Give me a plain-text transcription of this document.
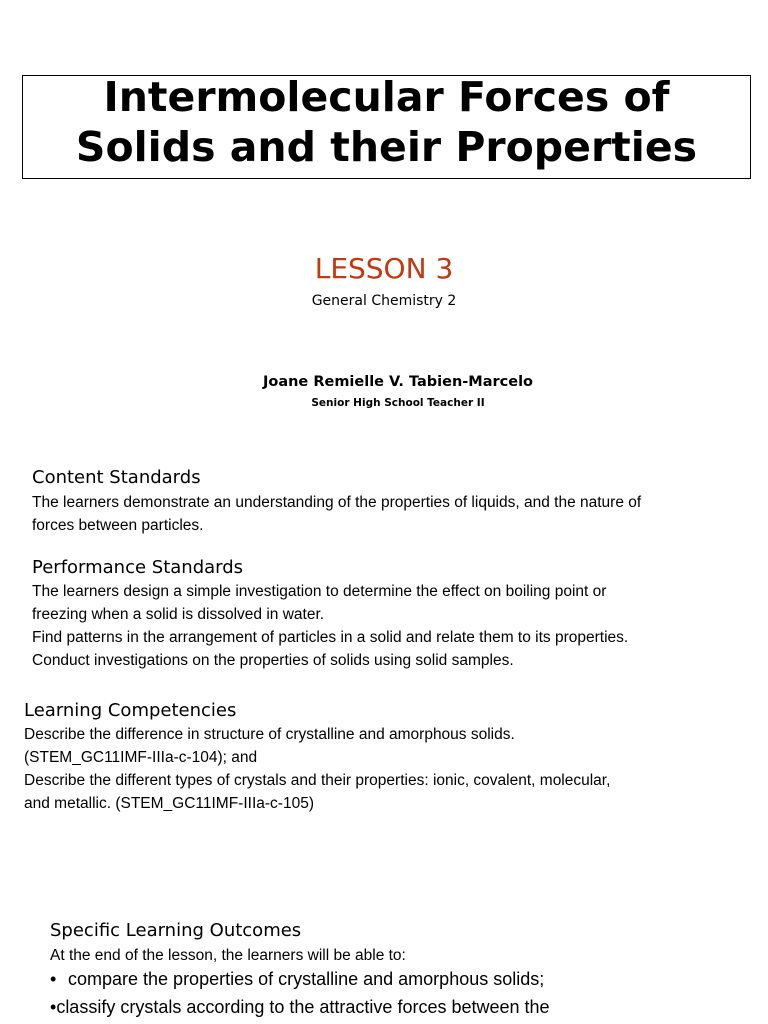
Intermolecular Forces of
Solids and their Properties
LESSON 3
General Chemistry 2
Joane Remielle V. Tabien-Marcelo
Senior High School Teacher II
Content Standards
The learners demonstrate an understanding of the properties of liquids, and the nature of
forces between particles.
Performance Standards
The learners design a simple investigation to determine the effect on boiling point or
freezing when a solid is dissolved in water.
Find patterns in the arrangement of particles in a solid and relate them to its properties.
Conduct investigations on the properties of solids using solid samples.
Learning Competencies
Describe the difference in structure of crystalline and amorphous solids.
(STEM_GC11IMF-IIIa-c-104); and
Describe the different types of crystals and their properties: ionic, covalent, molecular,
and metallic. (STEM_GC11IMF-IIIa-c-105)
Specific Learning Outcomes
At the end of the lesson, the learners will be able to:
• compare the properties of crystalline and amorphous solids;
•classify crystals according to the attractive forces between the
